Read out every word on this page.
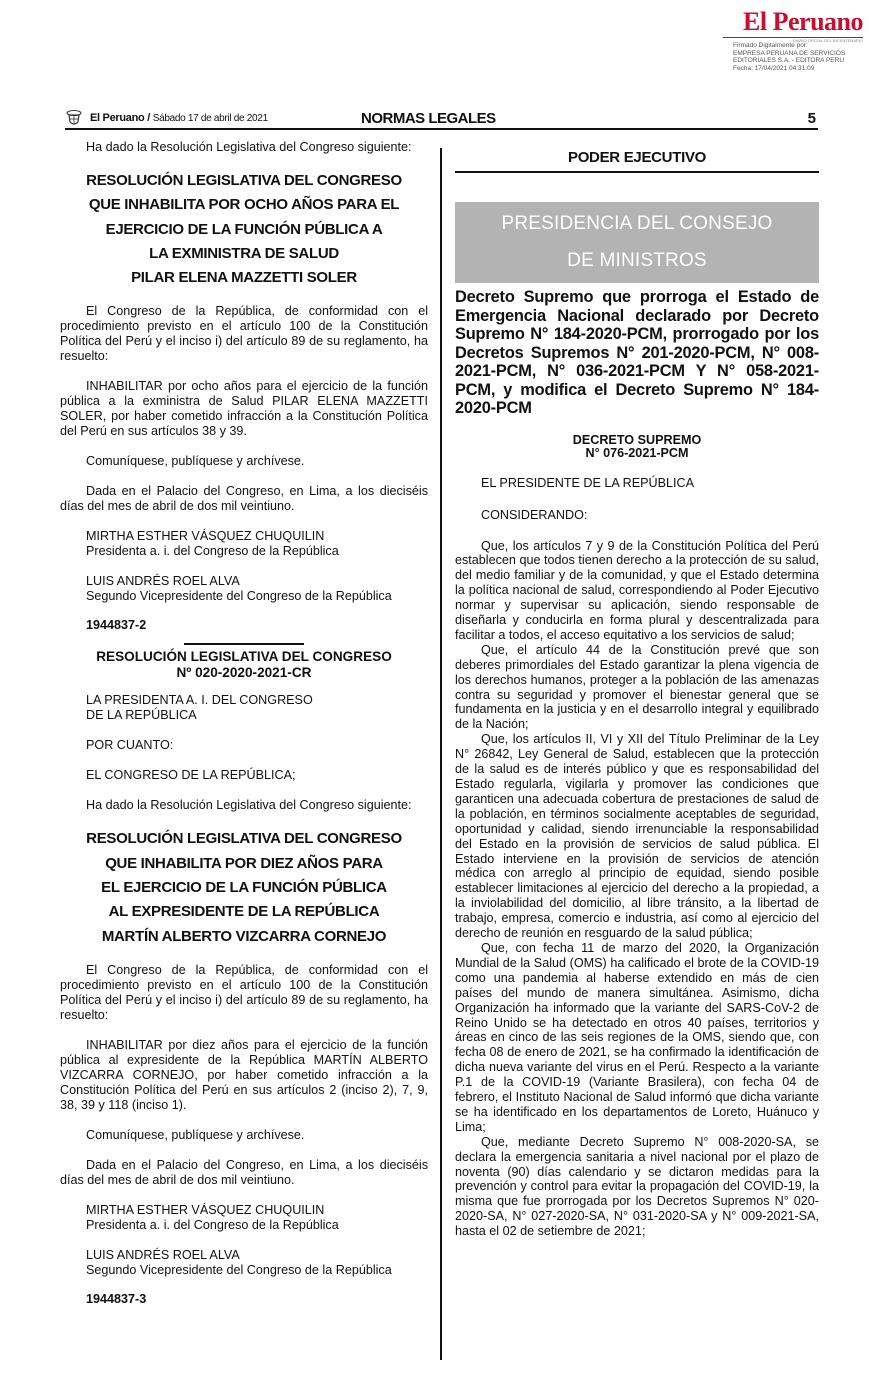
El Peruano
DIARIO OFICIAL DEL BICENTENARIO
Firmado Digitalmente por:
EMPRESA PERUANA DE SERVICIOS
EDITORIALES S.A. - EDITORA PERU
Fecha: 17/04/2021 04:31:09
El Peruano / Sábado 17 de abril de 2021	NORMAS LEGALES	5

Ha dado la Resolución Legislativa del Congreso siguiente:

RESOLUCIÓN LEGISLATIVA DEL CONGRESO
QUE INHABILITA POR OCHO AÑOS PARA EL
EJERCICIO DE LA FUNCIÓN PÚBLICA A
LA EXMINISTRA DE SALUD
PILAR ELENA MAZZETTI SOLER

El Congreso de la República, de conformidad con el procedimiento previsto en el artículo 100 de la Constitución Política del Perú y el inciso i) del artículo 89 de su reglamento, ha resuelto:

INHABILITAR por ocho años para el ejercicio de la función pública a la exministra de Salud PILAR ELENA MAZZETTI SOLER, por haber cometido infracción a la Constitución Política del Perú en sus artículos 38 y 39.

Comuníquese, publíquese y archívese.

Dada en el Palacio del Congreso, en Lima, a los dieciséis días del mes de abril de dos mil veintiuno.

MIRTHA ESTHER VÁSQUEZ CHUQUILIN
Presidenta a. i. del Congreso de la República
LUIS ANDRÉS ROEL ALVA
Segundo Vicepresidente del Congreso de la República
1944837-2
RESOLUCIÓN LEGISLATIVA DEL CONGRESO
Nº 020-2020-2021-CR
LA PRESIDENTA A. I. DEL CONGRESO
DE LA REPÚBLICA
POR CUANTO:
EL CONGRESO DE LA REPÚBLICA;

Ha dado la Resolución Legislativa del Congreso siguiente:

RESOLUCIÓN LEGISLATIVA DEL CONGRESO
QUE INHABILITA POR DIEZ AÑOS PARA
EL EJERCICIO DE LA FUNCIÓN PÚBLICA
AL EXPRESIDENTE DE LA REPÚBLICA
MARTÍN ALBERTO VIZCARRA CORNEJO

El Congreso de la República, de conformidad con el procedimiento previsto en el artículo 100 de la Constitución Política del Perú y el inciso i) del artículo 89 de su reglamento, ha resuelto:

INHABILITAR por diez años para el ejercicio de la función pública al expresidente de la República MARTÍN ALBERTO VIZCARRA CORNEJO, por haber cometido infracción a la Constitución Política del Perú en sus artículos 2 (inciso 2), 7, 9, 38, 39 y 118 (inciso 1).

Comuníquese, publíquese y archívese.

Dada en el Palacio del Congreso, en Lima, a los dieciséis días del mes de abril de dos mil veintiuno.

MIRTHA ESTHER VÁSQUEZ CHUQUILIN
Presidenta a. i. del Congreso de la República
LUIS ANDRÉS ROEL ALVA
Segundo Vicepresidente del Congreso de la República
1944837-3
PODER EJECUTIVO
PRESIDENCIA DEL CONSEJO
DE MINISTROS
Decreto Supremo que prorroga el Estado de Emergencia Nacional declarado por Decreto Supremo N° 184-2020-PCM, prorrogado por los Decretos Supremos N° 201-2020-PCM, N° 008-2021-PCM, N° 036-2021-PCM Y N° 058-2021-PCM, y modifica el Decreto Supremo N° 184-2020-PCM
DECRETO SUPREMO
N° 076-2021-PCM
EL PRESIDENTE DE LA REPÚBLICA
CONSIDERANDO:

Que, los artículos 7 y 9 de la Constitución Política del Perú establecen que todos tienen derecho a la protección de su salud, del medio familiar y de la comunidad, y que el Estado determina la política nacional de salud, correspondiendo al Poder Ejecutivo normar y supervisar su aplicación, siendo responsable de diseñarla y conducirla en forma plural y descentralizada para facilitar a todos, el acceso equitativo a los servicios de salud;

Que, el artículo 44 de la Constitución prevé que son deberes primordiales del Estado garantizar la plena vigencia de los derechos humanos, proteger a la población de las amenazas contra su seguridad y promover el bienestar general que se fundamenta en la justicia y en el desarrollo integral y equilibrado de la Nación;

Que, los artículos II, VI y XII del Título Preliminar de la Ley N° 26842, Ley General de Salud, establecen que la protección de la salud es de interés público y que es responsabilidad del Estado regularla, vigilarla y promover las condiciones que garanticen una adecuada cobertura de prestaciones de salud de la población, en términos socialmente aceptables de seguridad, oportunidad y calidad, siendo irrenunciable la responsabilidad del Estado en la provisión de servicios de salud pública. El Estado interviene en la provisión de servicios de atención médica con arreglo al principio de equidad, siendo posible establecer limitaciones al ejercicio del derecho a la propiedad, a la inviolabilidad del domicilio, al libre tránsito, a la libertad de trabajo, empresa, comercio e industria, así como al ejercicio del derecho de reunión en resguardo de la salud pública;

Que, con fecha 11 de marzo del 2020, la Organización Mundial de la Salud (OMS) ha calificado el brote de la COVID-19 como una pandemia al haberse extendido en más de cien países del mundo de manera simultánea. Asimismo, dicha Organización ha informado que la variante del SARS-CoV-2 de Reino Unido se ha detectado en otros 40 países, territorios y áreas en cinco de las seis regiones de la OMS, siendo que, con fecha 08 de enero de 2021, se ha confirmado la identificación de dicha nueva variante del virus en el Perú. Respecto a la variante P.1 de la COVID-19 (Variante Brasilera), con fecha 04 de febrero, el Instituto Nacional de Salud informó que dicha variante se ha identificado en los departamentos de Loreto, Huánuco y Lima;

Que, mediante Decreto Supremo N° 008-2020-SA, se declara la emergencia sanitaria a nivel nacional por el plazo de noventa (90) días calendario y se dictaron medidas para la prevención y control para evitar la propagación del COVID-19, la misma que fue prorrogada por los Decretos Supremos N° 020-2020-SA, N° 027-2020-SA, N° 031-2020-SA y N° 009-2021-SA, hasta el 02 de setiembre de 2021;
